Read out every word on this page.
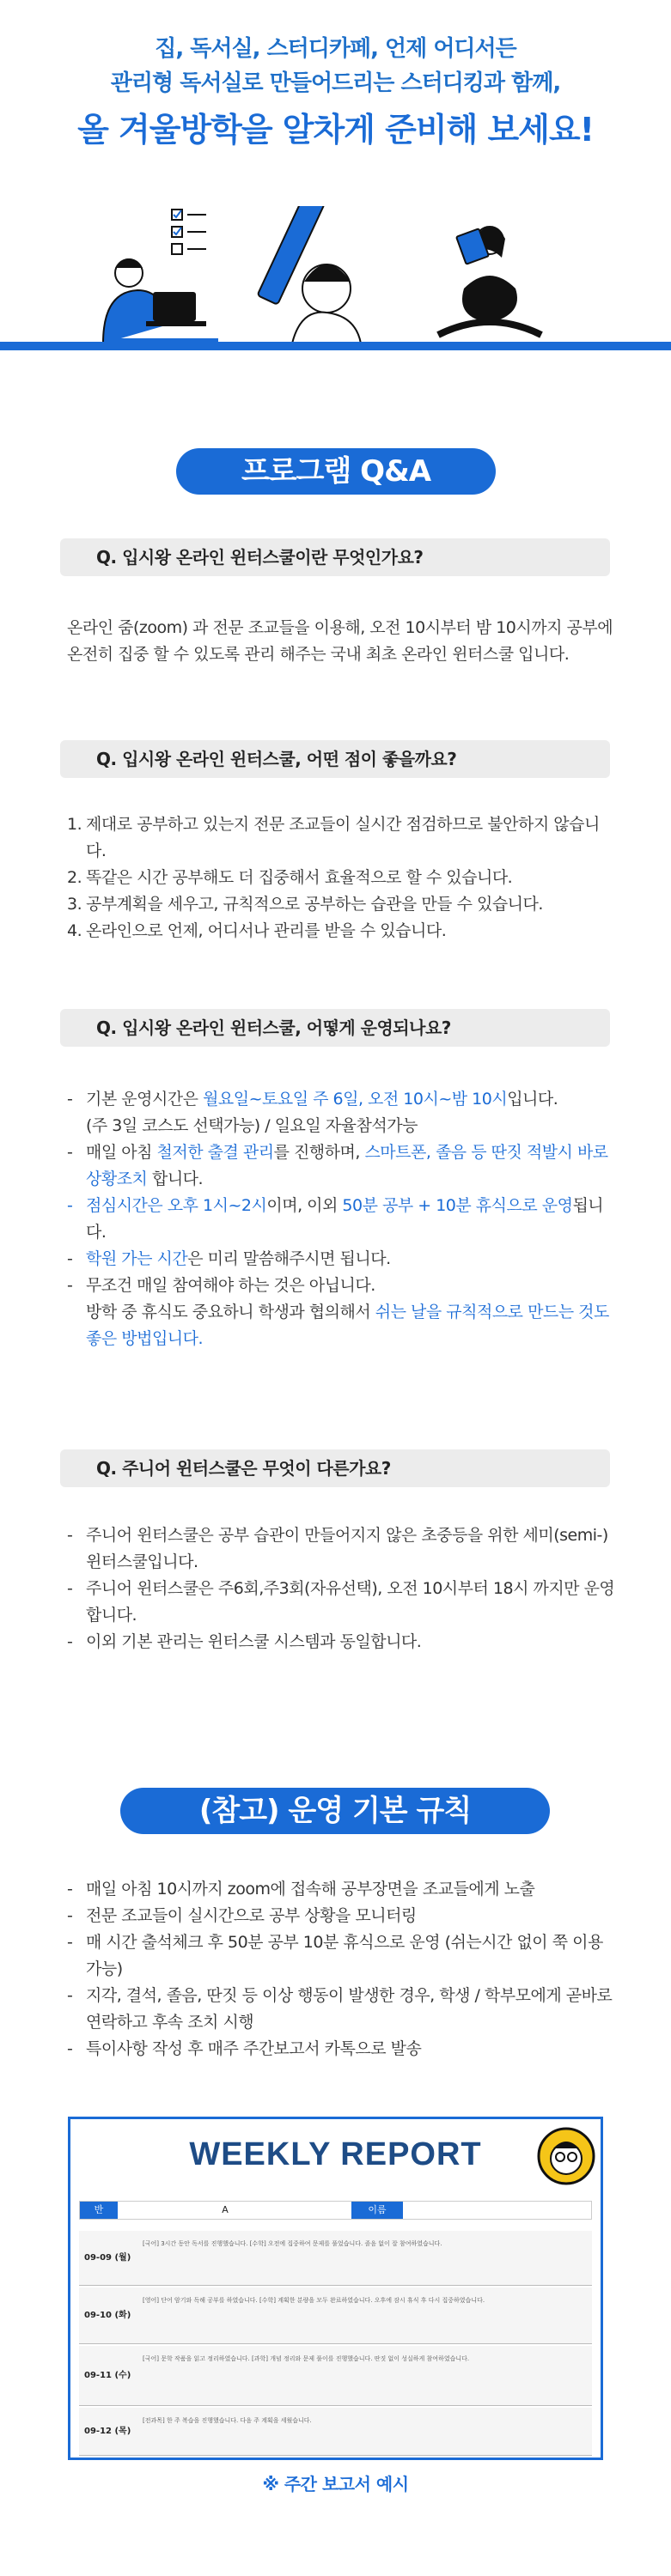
집, 독서실, 스터디카페, 언제 어디서든
관리형 독서실로 만들어드리는 스터디킹과 함께,
올 겨울방학을 알차게 준비해 보세요!
프로그램 Q&A
Q. 입시왕 온라인 윈터스쿨이란 무엇인가요?
온라인 줌(zoom) 과 전문 조교들을 이용해, 오전 10시부터 밤 10시까지 공부에 온전히 집중 할 수 있도록 관리 해주는 국내 최초 온라인 윈터스쿨 입니다.
Q. 입시왕 온라인 윈터스쿨, 어떤 점이 좋을까요?
1. 제대로 공부하고 있는지 전문 조교들이 실시간 점검하므로 불안하지 않습니다.
2. 똑같은 시간 공부해도 더 집중해서 효율적으로 할 수 있습니다.
3. 공부계획을 세우고, 규칙적으로 공부하는 습관을 만들 수 있습니다.
4. 온라인으로 언제, 어디서나 관리를 받을 수 있습니다.
Q. 입시왕 온라인 윈터스쿨, 어떻게 운영되나요?
- 기본 운영시간은 월요일~토요일 주 6일, 오전 10시~밤 10시입니다.
(주 3일 코스도 선택가능) / 일요일 자율참석가능
- 매일 아침 철저한 출결 관리를 진행하며, 스마트폰, 졸음 등 딴짓 적발시 바로 상황조치 합니다.
- 점심시간은 오후 1시~2시이며, 이외 50분 공부 + 10분 휴식으로 운영됩니다.
- 학원 가는 시간은 미리 말씀해주시면 됩니다.
- 무조건 매일 참여해야 하는 것은 아닙니다.
방학 중 휴식도 중요하니 학생과 협의해서 쉬는 날을 규칙적으로 만드는 것도 좋은 방법입니다.
Q. 주니어 윈터스쿨은 무엇이 다른가요?
- 주니어 윈터스쿨은 공부 습관이 만들어지지 않은 초중등을 위한 세미(semi-) 윈터스쿨입니다.
- 주니어 윈터스쿨은 주6회,주3회(자유선택), 오전 10시부터 18시 까지만 운영합니다.
- 이외 기본 관리는 윈터스쿨 시스템과 동일합니다.
(참고) 운영 기본 규칙
- 매일 아침 10시까지 zoom에 접속해 공부장면을 조교들에게 노출
- 전문 조교들이 실시간으로 공부 상황을 모니터링
- 매 시간 출석체크 후 50분 공부 10분 휴식으로 운영 (쉬는시간 없이 쭉 이용가능)
- 지각, 결석, 졸음, 딴짓 등 이상 행동이 발생한 경우, 학생 / 학부모에게 곧바로 연락하고 후속 조치 시행
- 특이사항 작성 후 매주 주간보고서 카톡으로 발송
WEEKLY REPORT
반	A	이름
09-09 (월)
[국어] 3시간 동안 독서를 진행했습니다. [수학] 오전에 집중하여 문제를 풀었습니다. 졸음 없이 잘 참여하였습니다.
09-10 (화)
[영어] 단어 암기와 독해 공부를 하였습니다. [수학] 계획한 분량을 모두 완료하였습니다. 오후에 잠시 휴식 후 다시 집중하였습니다.
09-11 (수)
[국어] 문학 작품을 읽고 정리하였습니다. [과학] 개념 정리와 문제 풀이를 진행했습니다. 딴짓 없이 성실하게 참여하였습니다.
09-12 (목)
[전과목] 한 주 복습을 진행했습니다. 다음 주 계획을 세웠습니다.
※ 주간 보고서 예시
